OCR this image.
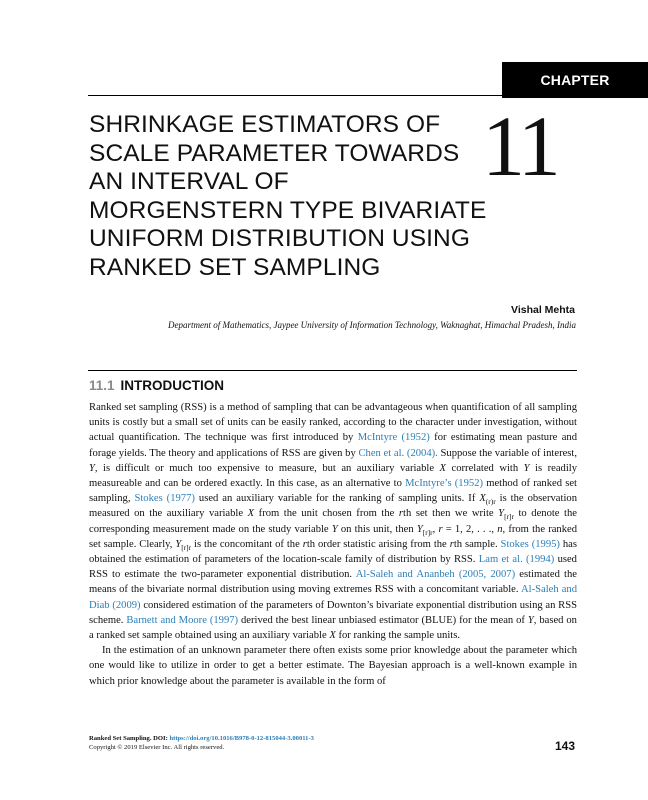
CHAPTER
SHRINKAGE ESTIMATORS OF
SCALE PARAMETER TOWARDS
AN INTERVAL OF
MORGENSTERN TYPE BIVARIATE
UNIFORM DISTRIBUTION USING
RANKED SET SAMPLING
11
Vishal Mehta
Department of Mathematics, Jaypee University of Information Technology, Waknaghat, Himachal Pradesh, India
11.1 INTRODUCTION

Ranked set sampling (RSS) is a method of sampling that can be advantageous when quantification of all sampling units is costly but a small set of units can be easily ranked, according to the character under investigation, without actual quantification. The technique was first introduced by McIntyre (1952) for estimating mean pasture and forage yields. The theory and applications of RSS are given by Chen et al. (2004). Suppose the variable of interest, Y, is difficult or much too expensive to measure, but an auxiliary variable X correlated with Y is readily measureable and can be ordered exactly. In this case, as an alternative to McIntyre’s (1952) method of ranked set sampling, Stokes (1977) used an auxiliary variable for the ranking of sampling units. If $X_{(r)r}$ is the observation measured on the auxiliary variable X from the unit chosen from the rth set then we write $Y_{[r]r}$ to denote the corresponding measurement made on the study variable Y on this unit, then $Y_{[r]r}$, r = 1, 2, . . ., n, from the ranked set sample. Clearly, $Y_{[r]r}$ is the concomitant of the rth order statistic arising from the rth sample. Stokes (1995) has obtained the estimation of parameters of the location-scale family of distribution by RSS. Lam et al. (1994) used RSS to estimate the two-parameter exponential distribution. Al-Saleh and Ananbeh (2005, 2007) estimated the means of the bivariate normal distribution using moving extremes RSS with a concomitant variable. Al-Saleh and Diab (2009) considered estimation of the parameters of Downton’s bivariate exponential distribution using an RSS scheme. Barnett and Moore (1997) derived the best linear unbiased estimator (BLUE) for the mean of Y, based on a ranked set sample obtained using an auxiliary variable X for ranking the sample units.

In the estimation of an unknown parameter there often exists some prior knowledge about the parameter which one would like to utilize in order to get a better estimate. The Bayesian approach is a well-known example in which prior knowledge about the parameter is available in the form of

Ranked Set Sampling. DOI: https://doi.org/10.1016/B978-0-12-815044-3.00011-3
Copyright © 2019 Elsevier Inc. All rights reserved.	143
